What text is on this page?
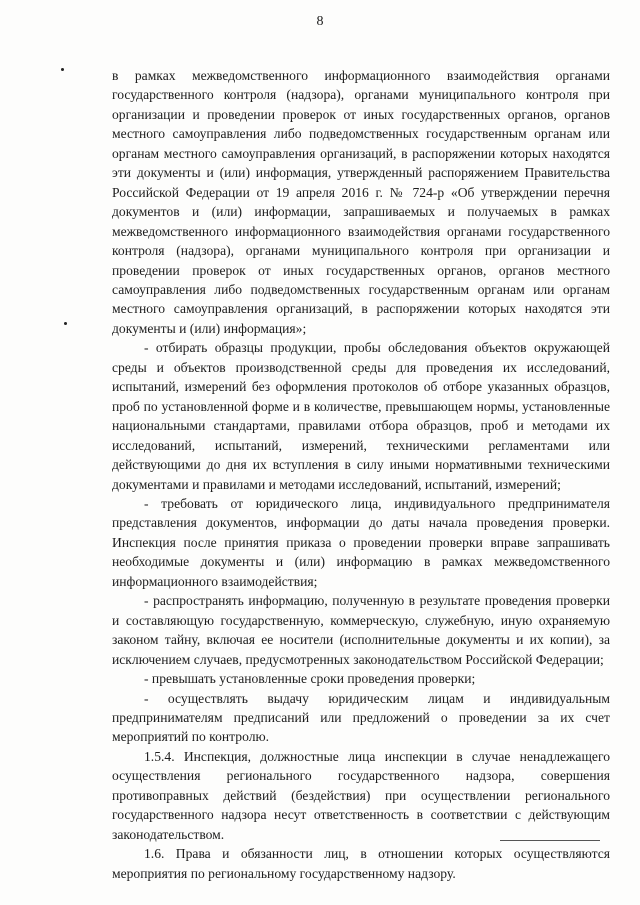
8

в рамках межведомственного информационного взаимодействия органами государственного контроля (надзора), органами муниципального контроля при организации и проведении проверок от иных государственных органов, органов местного самоуправления либо подведомственных государственным органам или органам местного самоуправления организаций, в распоряжении которых находятся эти документы и (или) информация, утвержденный распоряжением Правительства Российской Федерации от 19 апреля 2016 г. № 724-р «Об утверждении перечня документов и (или) информации, запрашиваемых и получаемых в рамках межведомственного информационного взаимодействия органами государственного контроля (надзора), органами муниципального контроля при организации и проведении проверок от иных государственных органов, органов местного самоуправления либо подведомственных государственным органам или органам местного самоуправления организаций, в распоряжении которых находятся эти документы и (или) информация»;

- отбирать образцы продукции, пробы обследования объектов окружающей среды и объектов производственной среды для проведения их исследований, испытаний, измерений без оформления протоколов об отборе указанных образцов, проб по установленной форме и в количестве, превышающем нормы, установленные национальными стандартами, правилами отбора образцов, проб и методами их исследований, испытаний, измерений, техническими регламентами или действующими до дня их вступления в силу иными нормативными техническими документами и правилами и методами исследований, испытаний, измерений;

- требовать от юридического лица, индивидуального предпринимателя представления документов, информации до даты начала проведения проверки. Инспекция после принятия приказа о проведении проверки вправе запрашивать необходимые документы и (или) информацию в рамках межведомственного информационного взаимодействия;

- распространять информацию, полученную в результате проведения проверки и составляющую государственную, коммерческую, служебную, иную охраняемую законом тайну, включая ее носители (исполнительные документы и их копии), за исключением случаев, предусмотренных законодательством Российской Федерации;

- превышать установленные сроки проведения проверки;

- осуществлять выдачу юридическим лицам и индивидуальным предпринимателям предписаний или предложений о проведении за их счет мероприятий по контролю.

1.5.4. Инспекция, должностные лица инспекции в случае ненадлежащего осуществления регионального государственного надзора, совершения противоправных действий (бездействия) при осуществлении регионального государственного надзора несут ответственность в соответствии с действующим законодательством.

1.6. Права и обязанности лиц, в отношении которых осуществляются мероприятия по региональному государственному надзору.
